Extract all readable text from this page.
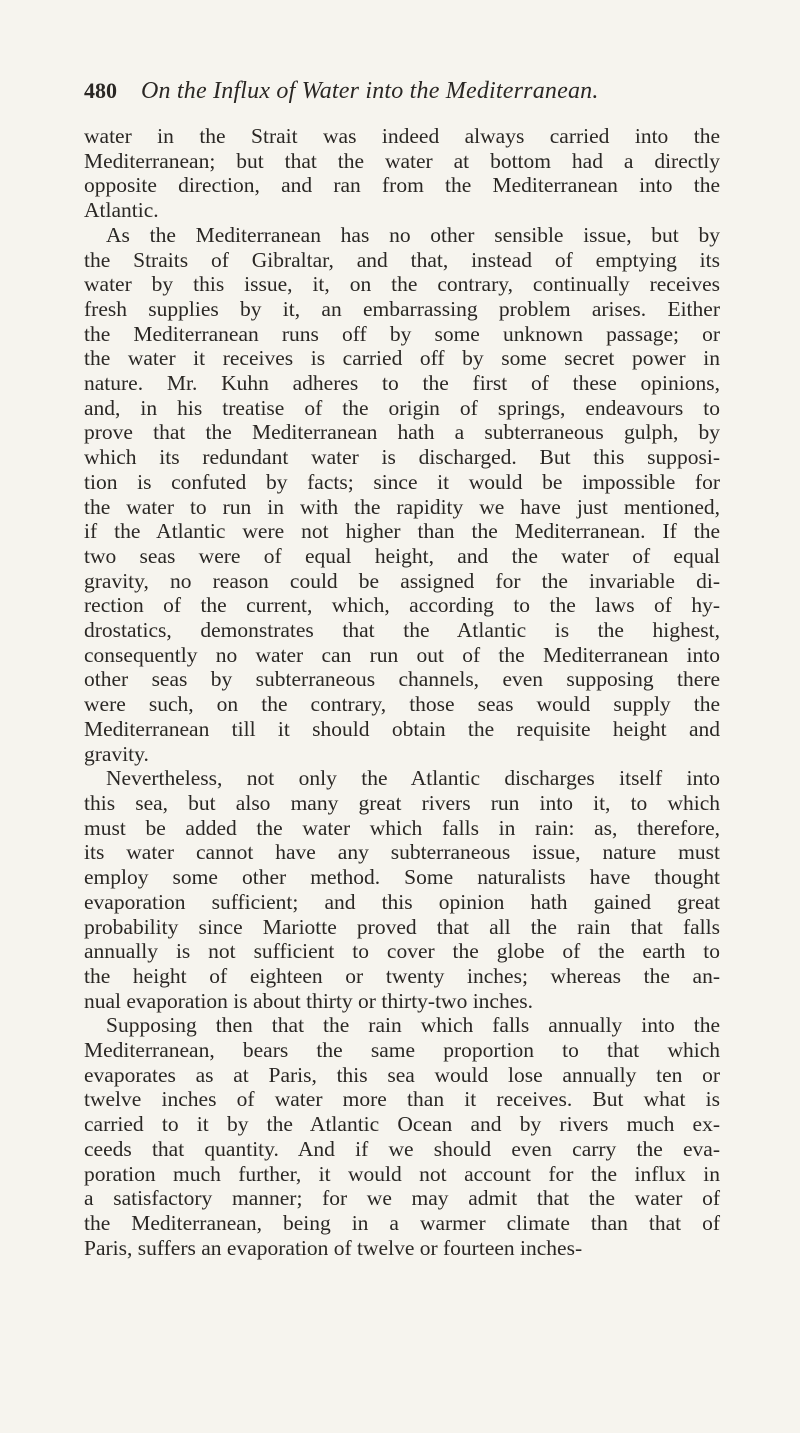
480 On the Influx of Water into the Mediterranean.

water in the Strait was indeed always carried into the
Mediterranean; but that the water at bottom had a directly
opposite direction, and ran from the Mediterranean into the
Atlantic.

As the Mediterranean has no other sensible issue, but by
the Straits of Gibraltar, and that, instead of emptying its
water by this issue, it, on the contrary, continually receives
fresh supplies by it, an embarrassing problem arises. Either
the Mediterranean runs off by some unknown passage; or
the water it receives is carried off by some secret power in
nature. Mr. Kuhn adheres to the first of these opinions,
and, in his treatise of the origin of springs, endeavours to
prove that the Mediterranean hath a subterraneous gulph, by
which its redundant water is discharged. But this supposi-
tion is confuted by facts; since it would be impossible for
the water to run in with the rapidity we have just mentioned,
if the Atlantic were not higher than the Mediterranean. If the
two seas were of equal height, and the water of equal
gravity, no reason could be assigned for the invariable di-
rection of the current, which, according to the laws of hy-
drostatics, demonstrates that the Atlantic is the highest,
consequently no water can run out of the Mediterranean into
other seas by subterraneous channels, even supposing there
were such, on the contrary, those seas would supply the
Mediterranean till it should obtain the requisite height and
gravity.

Nevertheless, not only the Atlantic discharges itself into
this sea, but also many great rivers run into it, to which
must be added the water which falls in rain: as, therefore,
its water cannot have any subterraneous issue, nature must
employ some other method. Some naturalists have thought
evaporation sufficient; and this opinion hath gained great
probability since Mariotte proved that all the rain that falls
annually is not sufficient to cover the globe of the earth to
the height of eighteen or twenty inches; whereas the an-
nual evaporation is about thirty or thirty-two inches.

Supposing then that the rain which falls annually into the
Mediterranean, bears the same proportion to that which
evaporates as at Paris, this sea would lose annually ten or
twelve inches of water more than it receives. But what is
carried to it by the Atlantic Ocean and by rivers much ex-
ceeds that quantity. And if we should even carry the eva-
poration much further, it would not account for the influx in
a satisfactory manner; for we may admit that the water of
the Mediterranean, being in a warmer climate than that of
Paris, suffers an evaporation of twelve or fourteen inches-
